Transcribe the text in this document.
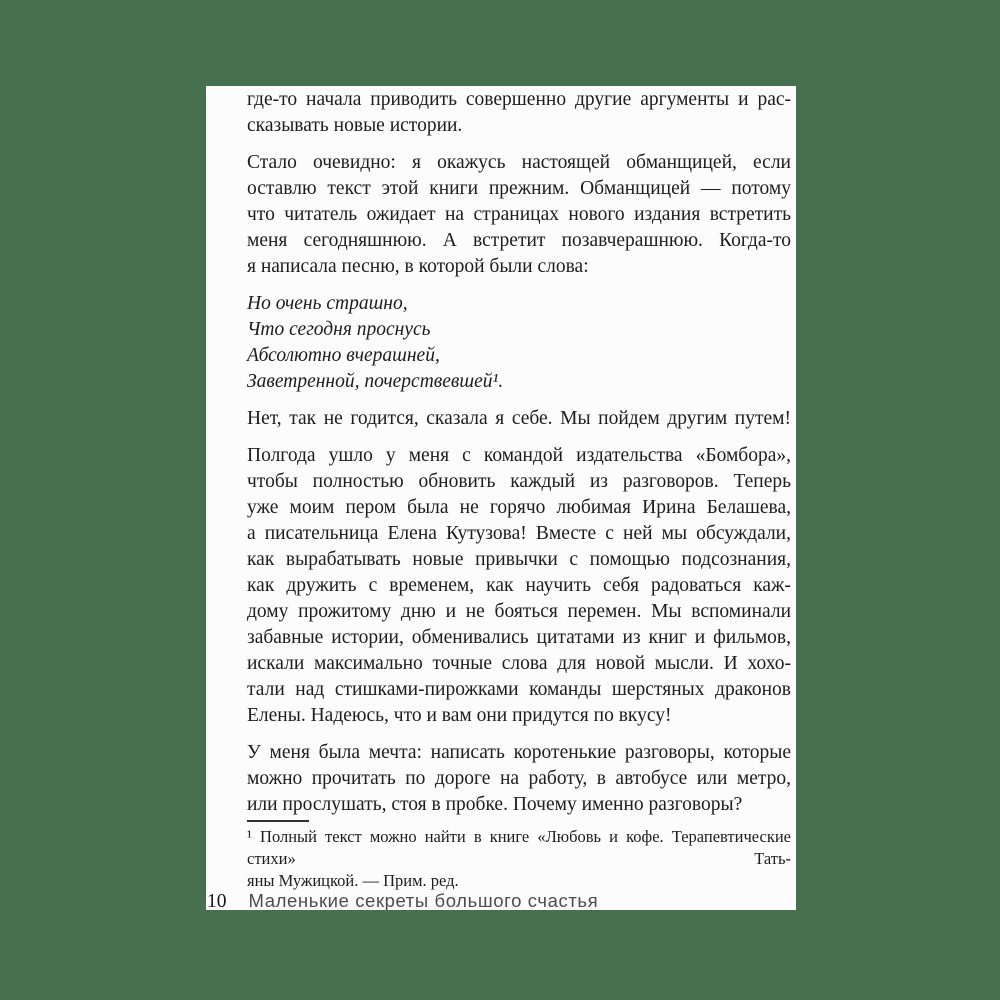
где-то начала приводить совершенно другие аргументы и рас-
сказывать новые истории.
Стало очевидно: я окажусь настоящей обманщицей, если
оставлю текст этой книги прежним. Обманщицей — потому
что читатель ожидает на страницах нового издания встретить
меня сегодняшнюю. А встретит позавчерашнюю. Когда-то
я написала песню, в которой были слова:
Но очень страшно,
Что сегодня проснусь
Абсолютно вчерашней,
Заветренной, почерствевшей¹.
Нет, так не годится, сказала я себе. Мы пойдем другим путем!
Полгода ушло у меня с командой издательства «Бомбора»,
чтобы полностью обновить каждый из разговоров. Теперь
уже моим пером была не горячо любимая Ирина Белашева,
а писательница Елена Кутузова! Вместе с ней мы обсуждали,
как вырабатывать новые привычки с помощью подсознания,
как дружить с временем, как научить себя радоваться каж-
дому прожитому дню и не бояться перемен. Мы вспоминали
забавные истории, обменивались цитатами из книг и фильмов,
искали максимально точные слова для новой мысли. И хохо-
тали над стишками-пирожками команды шерстяных драконов
Елены. Надеюсь, что и вам они придутся по вкусу!
У меня была мечта: написать коротенькие разговоры, которые
можно прочитать по дороге на работу, в автобусе или метро,
или прослушать, стоя в пробке. Почему именно разговоры?
¹ Полный текст можно найти в книге «Любовь и кофе. Терапевтические стихи» Тать-
яны Мужицкой. — Прим. ред.
10 Маленькие секреты большого счастья
